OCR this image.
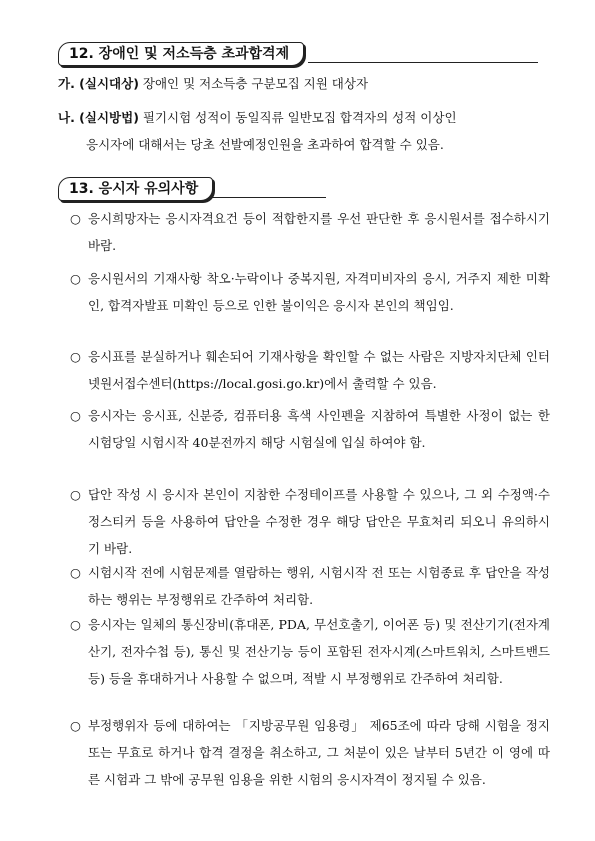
12. 장애인 및 저소득층 초과합격제
가. (실시대상) 장애인 및 저소득층 구분모집 지원 대상자
나. (실시방법) 필기시험 성적이 동일직류 일반모집 합격자의 성적 이상인
응시자에 대해서는 당초 선발예정인원을 초과하여 합격할 수 있음.
13. 응시자 유의사항
○ 응시희망자는 응시자격요건 등이 적합한지를 우선 판단한 후 응시원서를 접수하시기 바람.
○ 응시원서의 기재사항 착오·누락이나 중복지원, 자격미비자의 응시, 거주지 제한 미확인, 합격자발표 미확인 등으로 인한 불이익은 응시자 본인의 책임임.
○ 응시표를 분실하거나 훼손되어 기재사항을 확인할 수 없는 사람은 지방자치단체 인터넷원서접수센터(https://local.gosi.go.kr)에서 출력할 수 있음.
○ 응시자는 응시표, 신분증, 컴퓨터용 흑색 사인펜을 지참하여 특별한 사정이 없는 한 시험당일 시험시작 40분전까지 해당 시험실에 입실 하여야 함.
○ 답안 작성 시 응시자 본인이 지참한 수정테이프를 사용할 수 있으나, 그 외 수정액·수정스티커 등을 사용하여 답안을 수정한 경우 해당 답안은 무효처리 되오니 유의하시기 바람.
○ 시험시작 전에 시험문제를 열람하는 행위, 시험시작 전 또는 시험종료 후 답안을 작성하는 행위는 부정행위로 간주하여 처리함.
○ 응시자는 일체의 통신장비(휴대폰, PDA, 무선호출기, 이어폰 등) 및 전산기기(전자계산기, 전자수첩 등), 통신 및 전산기능 등이 포함된 전자시계(스마트워치, 스마트밴드 등) 등을 휴대하거나 사용할 수 없으며, 적발 시 부정행위로 간주하여 처리함.
○ 부정행위자 등에 대하여는 「지방공무원 임용령」 제65조에 따라 당해 시험을 정지 또는 무효로 하거나 합격 결정을 취소하고, 그 처분이 있은 날부터 5년간 이 영에 따른 시험과 그 밖에 공무원 임용을 위한 시험의 응시자격이 정지될 수 있음.
